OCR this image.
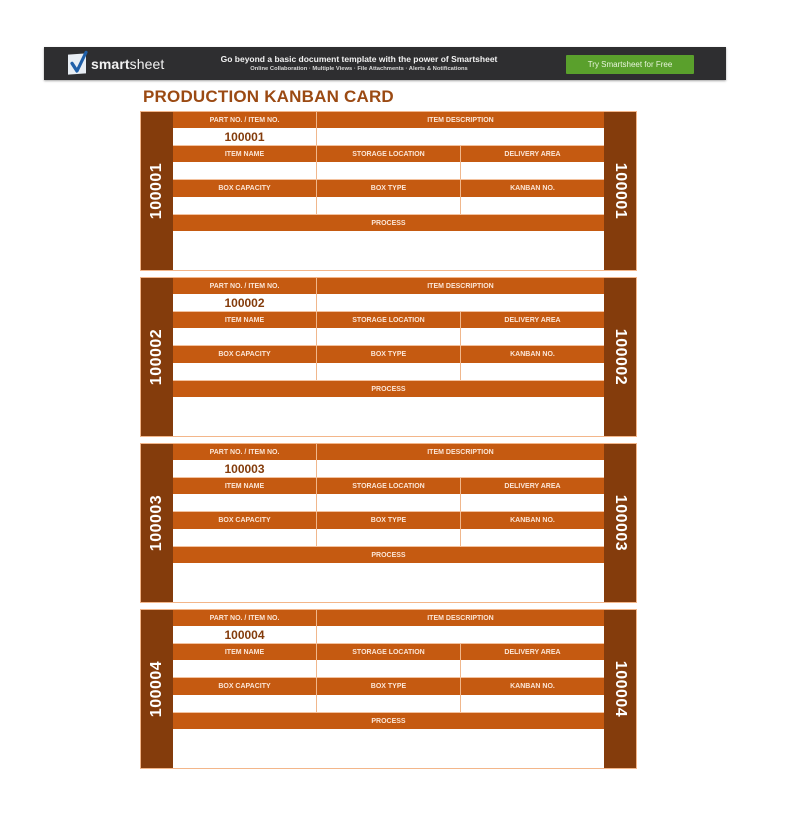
smartsheet	Go beyond a basic document template with the power of Smartsheet
Online Collaboration · Multiple Views · File Attachments · Alerts & Notifications	Try Smartsheet for Free
PRODUCTION KANBAN CARD
100001
PART NO. / ITEM NO.	ITEM DESCRIPTION
100001
ITEM NAME	STORAGE LOCATION	DELIVERY AREA
BOX CAPACITY	BOX TYPE	KANBAN NO.
PROCESS
100001
100002
PART NO. / ITEM NO.	ITEM DESCRIPTION
100002
ITEM NAME	STORAGE LOCATION	DELIVERY AREA
BOX CAPACITY	BOX TYPE	KANBAN NO.
PROCESS
100002
100003
PART NO. / ITEM NO.	ITEM DESCRIPTION
100003
ITEM NAME	STORAGE LOCATION	DELIVERY AREA
BOX CAPACITY	BOX TYPE	KANBAN NO.
PROCESS
100003
100004
PART NO. / ITEM NO.	ITEM DESCRIPTION
100004
ITEM NAME	STORAGE LOCATION	DELIVERY AREA
BOX CAPACITY	BOX TYPE	KANBAN NO.
PROCESS
100004
